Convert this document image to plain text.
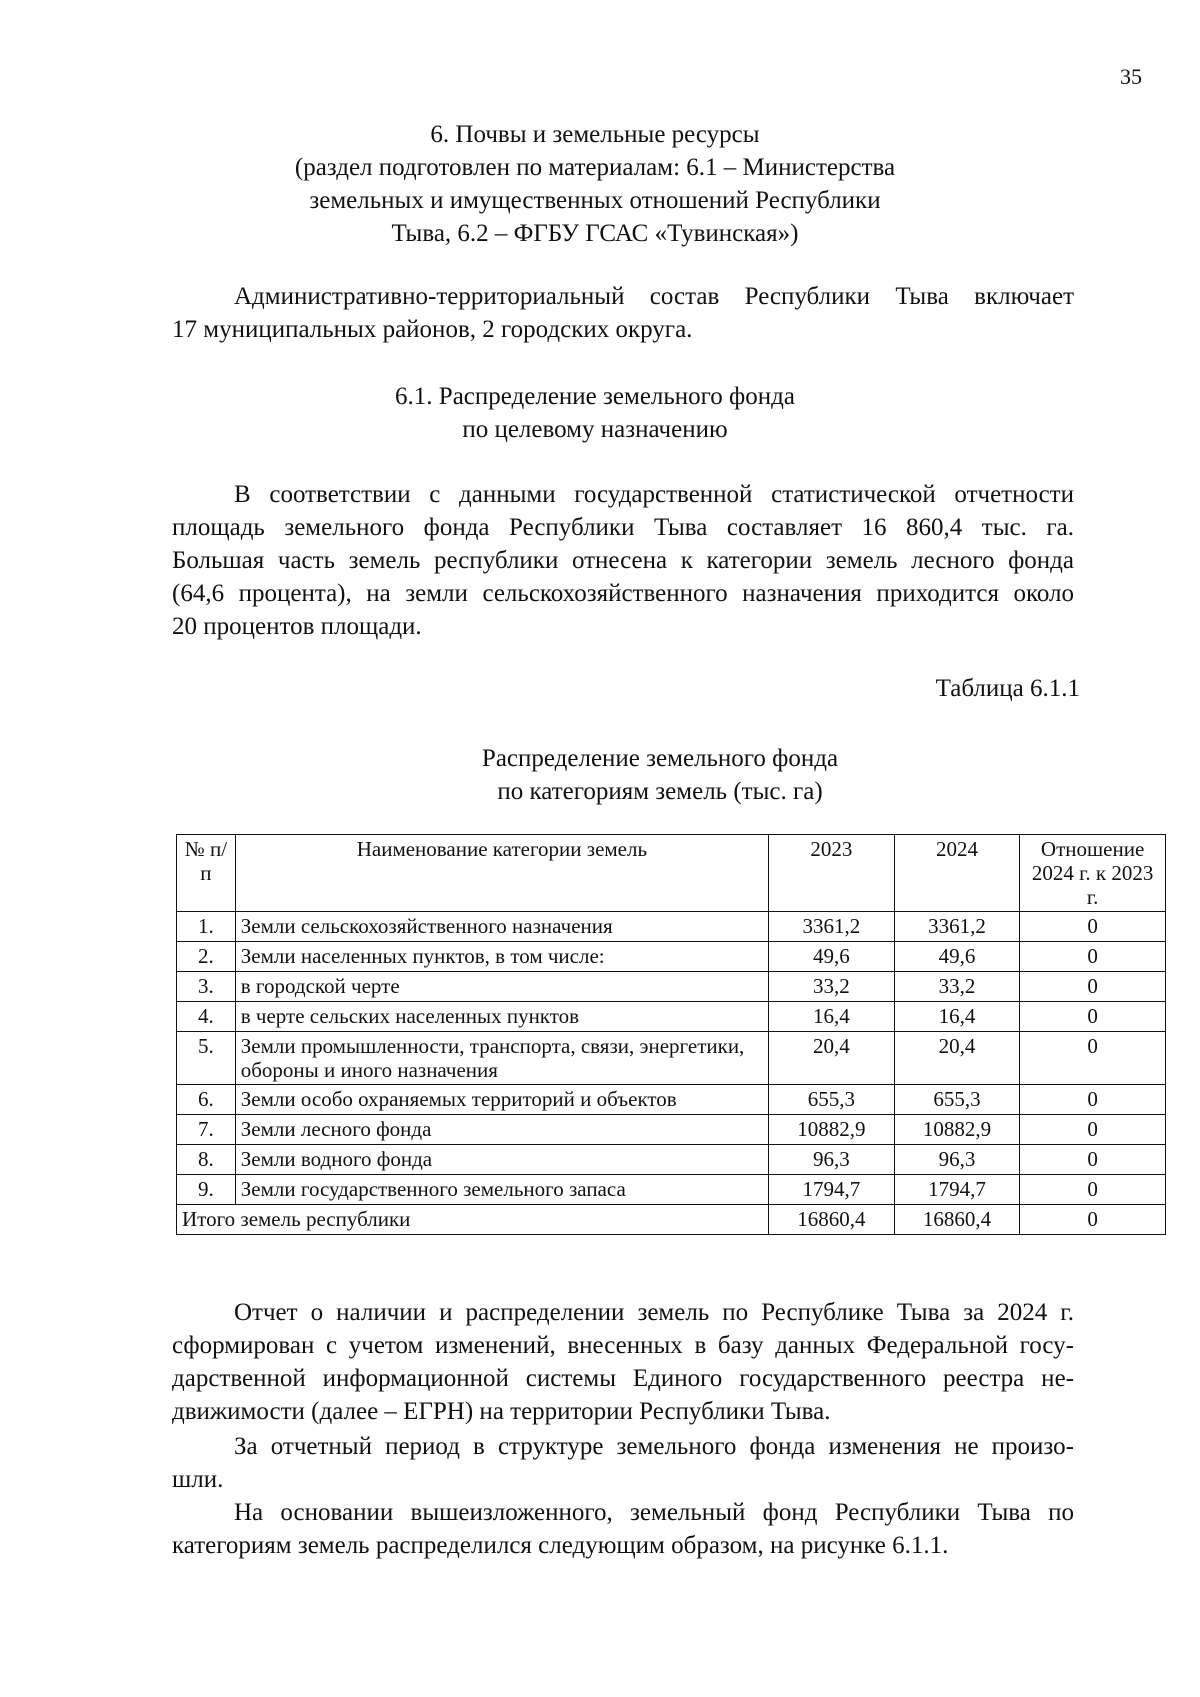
35
6. Почвы и земельные ресурсы
(раздел подготовлен по материалам: 6.1 – Министерства
земельных и имущественных отношений Республики
Тыва, 6.2 – ФГБУ ГСАС «Тувинская»)
Административно-территориальный состав Республики Тыва включает
17 муниципальных районов, 2 городских округа.
6.1. Распределение земельного фонда
по целевому назначению
В соответствии с данными государственной статистической отчетности
площадь земельного фонда Республики Тыва составляет 16 860,4 тыс. га.
Большая часть земель республики отнесена к категории земель лесного фонда
(64,6 процента), на земли сельскохозяйственного назначения приходится около
20 процентов площади.
Таблица 6.1.1
Распределение земельного фонда
по категориям земель (тыс. га)
№ п/п	Наименование категории земель	2023	2024	Отношение 2024 г. к 2023 г.
1.	Земли сельскохозяйственного назначения	3361,2	3361,2	0
2.	Земли населенных пунктов, в том числе:	49,6	49,6	0
3.	в городской черте	33,2	33,2	0
4.	в черте сельских населенных пунктов	16,4	16,4	0
5.	Земли промышленности, транспорта, связи, энергетики, обороны и иного назначения	20,4	20,4	0
6.	Земли особо охраняемых территорий и объектов	655,3	655,3	0
7.	Земли лесного фонда	10882,9	10882,9	0
8.	Земли водного фонда	96,3	96,3	0
9.	Земли государственного земельного запаса	1794,7	1794,7	0
Итого земель республики		16860,4	16860,4	0
Отчет о наличии и распределении земель по Республике Тыва за 2024 г.
сформирован с учетом изменений, внесенных в базу данных Федеральной госу-
дарственной информационной системы Единого государственного реестра не-
движимости (далее – ЕГРН) на территории Республики Тыва.
За отчетный период в структуре земельного фонда изменения не произо-
шли.
На основании вышеизложенного, земельный фонд Республики Тыва по
категориям земель распределился следующим образом, на рисунке 6.1.1.
